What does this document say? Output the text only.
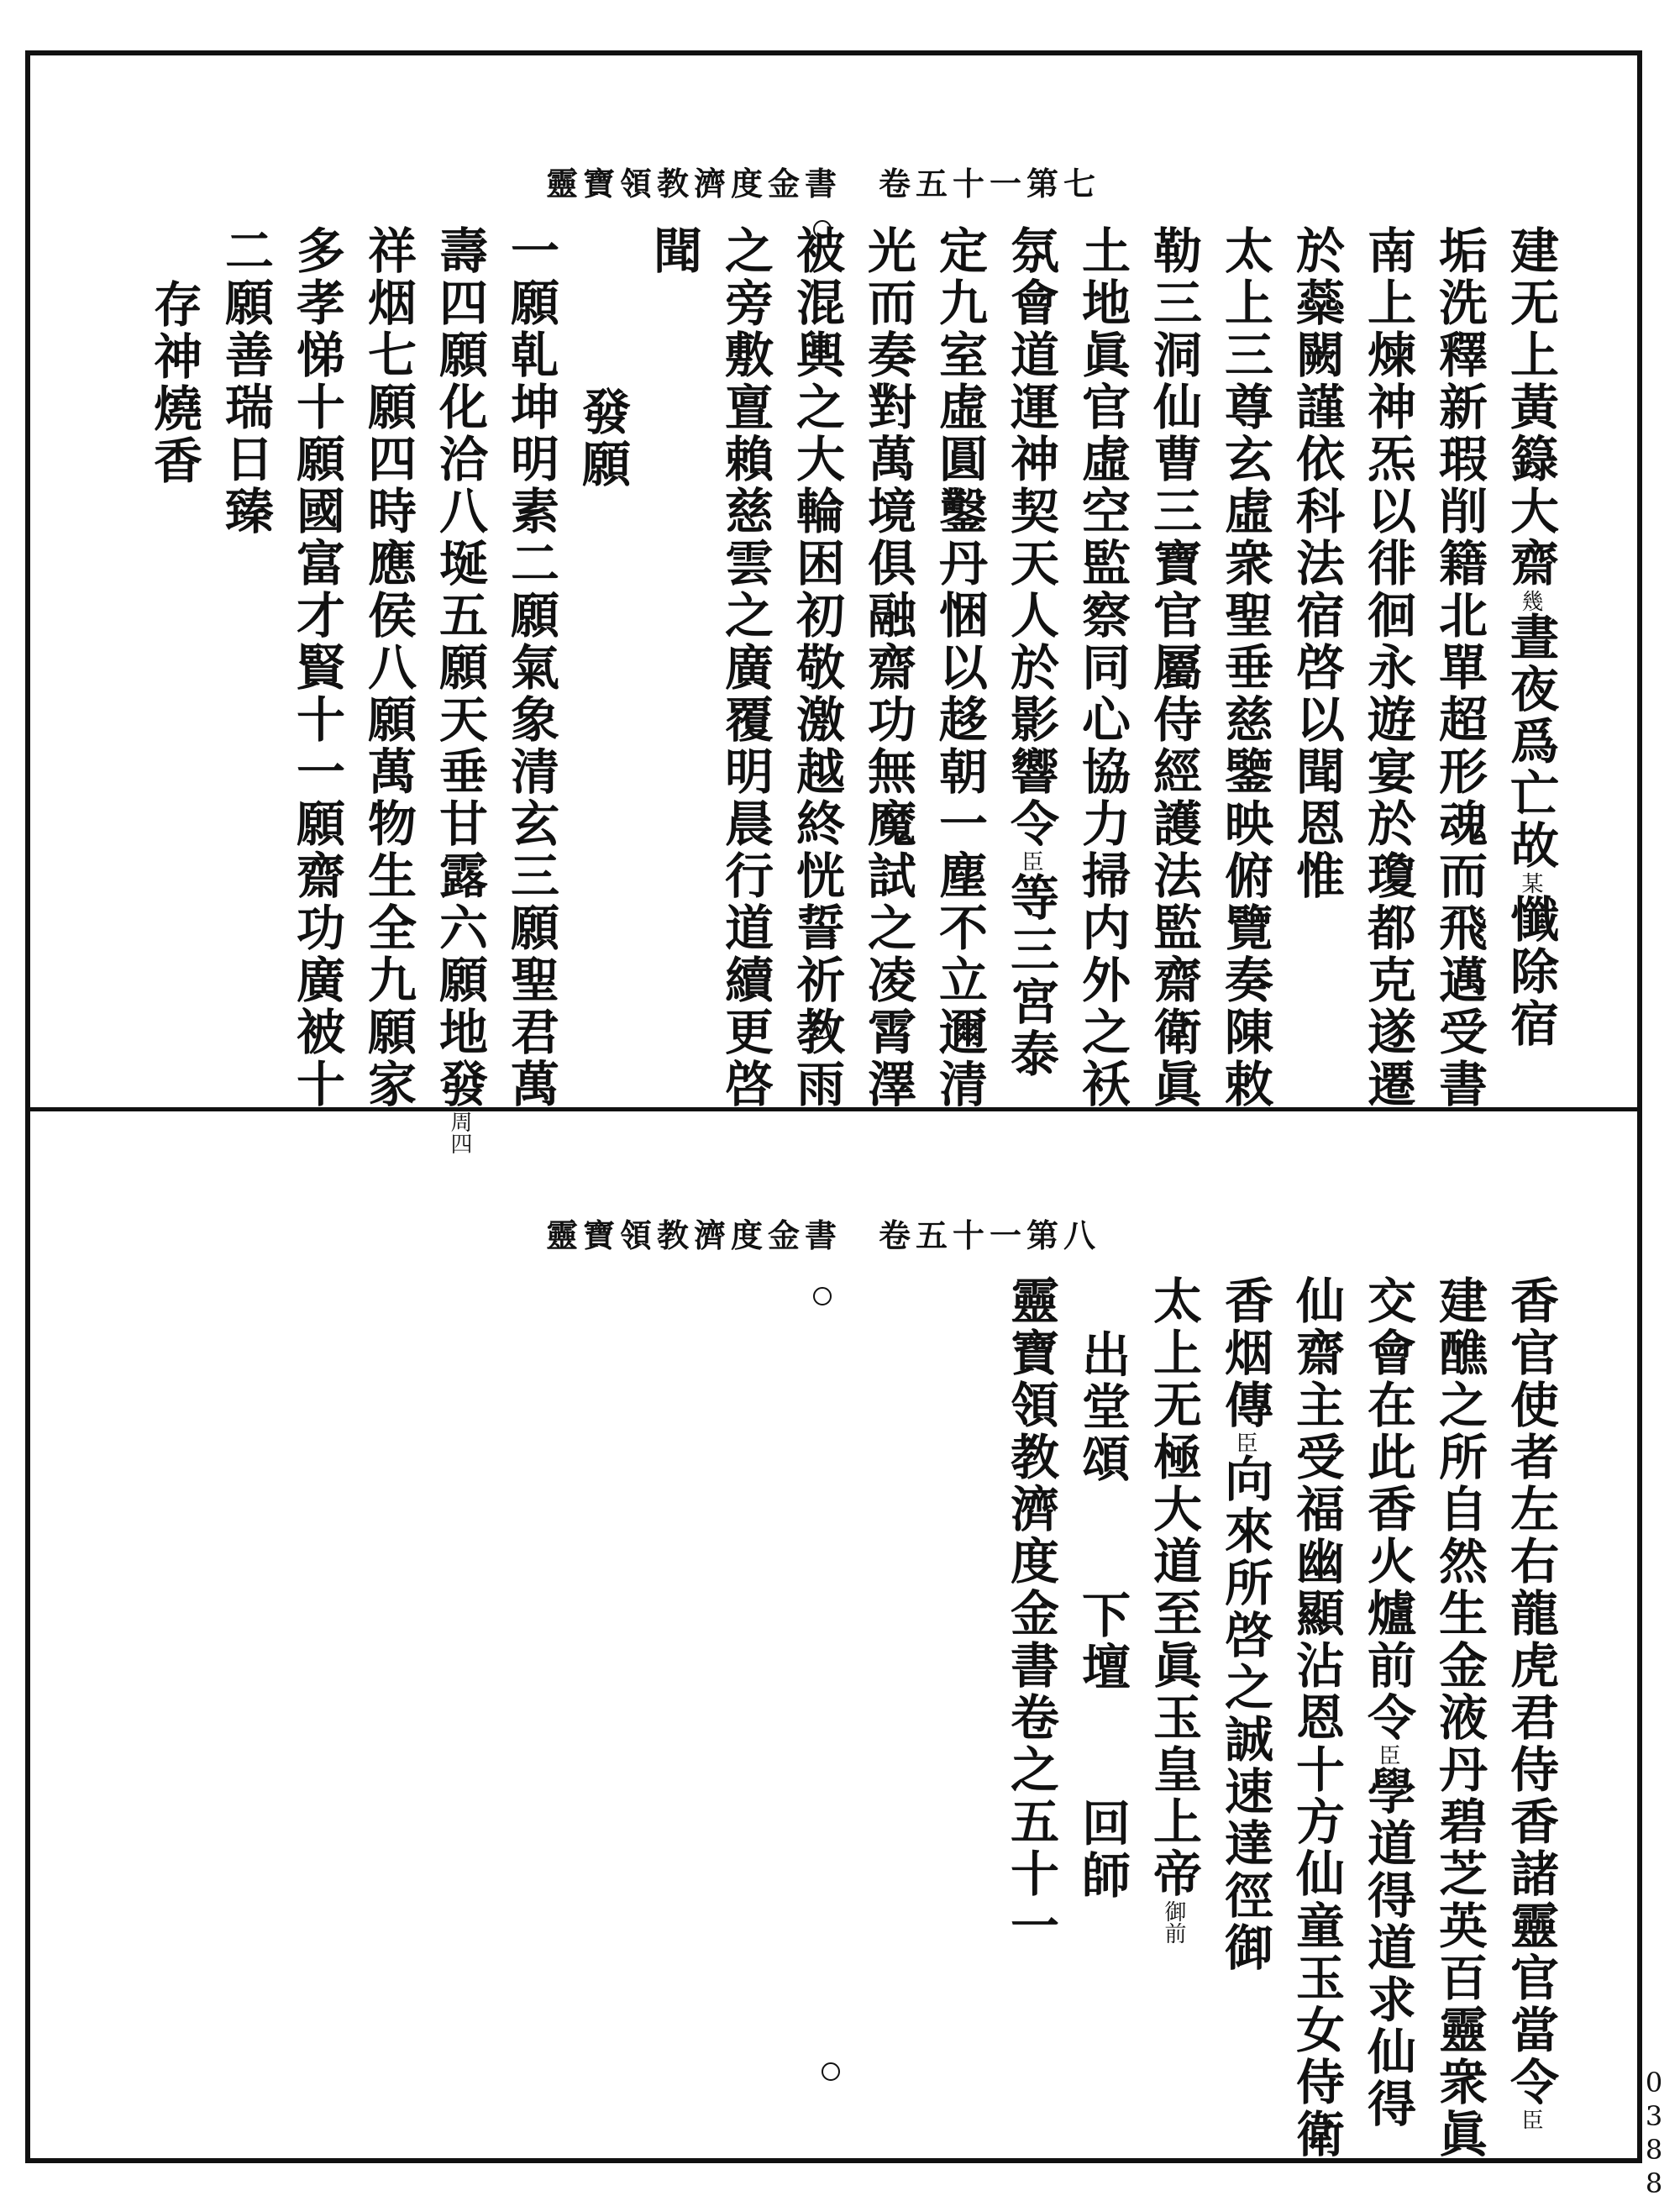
靈寶領教濟度金書　卷五十一第七
建无上黃籙大齋幾晝夜爲亡故某懺除宿
垢洗釋新瑕削籍北單超形魂而飛邁受書
南上煉神炁以徘徊永遊宴於瓊都克遂遷
於蘂闕謹依科法宿啓以聞恩惟
太上三尊玄虛衆聖垂慈鑒映俯覽奏陳敕
勒三洞仙曹三寶官屬侍經護法監齋衛眞
土地眞官虛空監察同心協力掃内外之袄
氛會道運神契天人於影響令臣等三宮泰
定九室虛圓鑿丹悃以趍朝一塵不立邇清
光而奏對萬境俱融齋功無魔試之凌霄澤
被混輿之大輪困初敬激越終恍誓祈教雨
之旁敷亶賴慈雲之廣覆明晨行道續更啓
聞
發願
一願乹坤明素二願氣象清玄三願聖君萬
壽四願化洽八埏五願天垂甘露六願地發周四
祥烟七願四時應侯八願萬物生全九願家
多孝悌十願國富才賢十一願齋功廣被十
二願善瑞日臻
存神燒香
靈寶領教濟度金書　卷五十一第八
香官使者左右龍虎君侍香諸靈官當令臣
建醮之所自然生金液丹碧芝英百靈衆眞
交會在此香火爐前令臣學道得道求仙得
仙齋主受福幽顯沾恩十方仙童玉女侍衛
香烟傳臣向來所啓之誠速達徑御
太上无極大道至眞玉皇上帝御前
出堂頌　　下壇　　回師
靈寶領教濟度金書卷之五十一
0388
